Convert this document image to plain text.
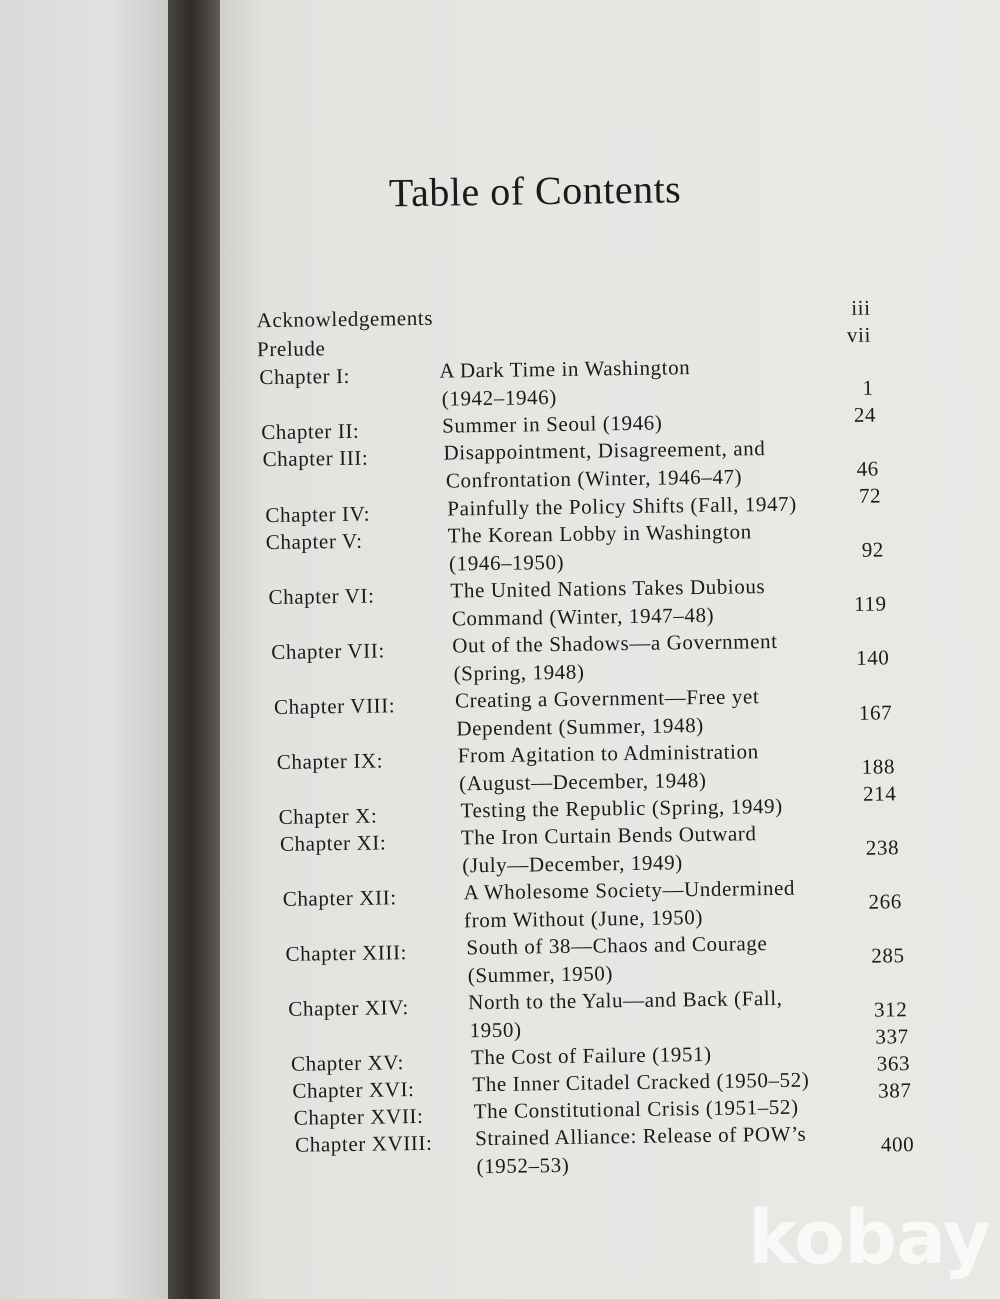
Table of Contents
Acknowledgements	iii
Prelude
vii
Chapter I:	A Dark Time in Washington
(1942–1946)	1
Chapter II:	Summer in Seoul (1946)	24
Chapter III:	Disappointment, Disagreement, and
Confrontation (Winter, 1946–47)	46
Chapter IV:	Painfully the Policy Shifts (Fall, 1947)	72
Chapter V:	The Korean Lobby in Washington
(1946–1950)
92
Chapter VI:	The United Nations Takes Dubious
Command (Winter, 1947–48)	119
Chapter VII:	Out of the Shadows—a Government
(Spring, 1948)
140
Chapter VIII:	Creating a Government—Free yet
Dependent (Summer, 1948)
167
Chapter IX:	From Agitation to Administration
(August—December, 1948)
188
Chapter X:	Testing the Republic (Spring, 1949)
214
Chapter XI:	The Iron Curtain Bends Outward
(July—December, 1949)
238
Chapter XII:	A Wholesome Society—Undermined
from Without (June, 1950)
266
Chapter XIII:	South of 38—Chaos and Courage
(Summer, 1950)
285
Chapter XIV:	North to the Yalu—and Back (Fall,
1950)
312
Chapter XV:	The Cost of Failure (1951)
337
Chapter XVI:	The Inner Citadel Cracked (1950–52)
363
Chapter XVII: The Constitutional Crisis (1951–52)
387
Chapter XVIII: Strained Alliance: Release of POW’s
(1952–53)
400
kobay
